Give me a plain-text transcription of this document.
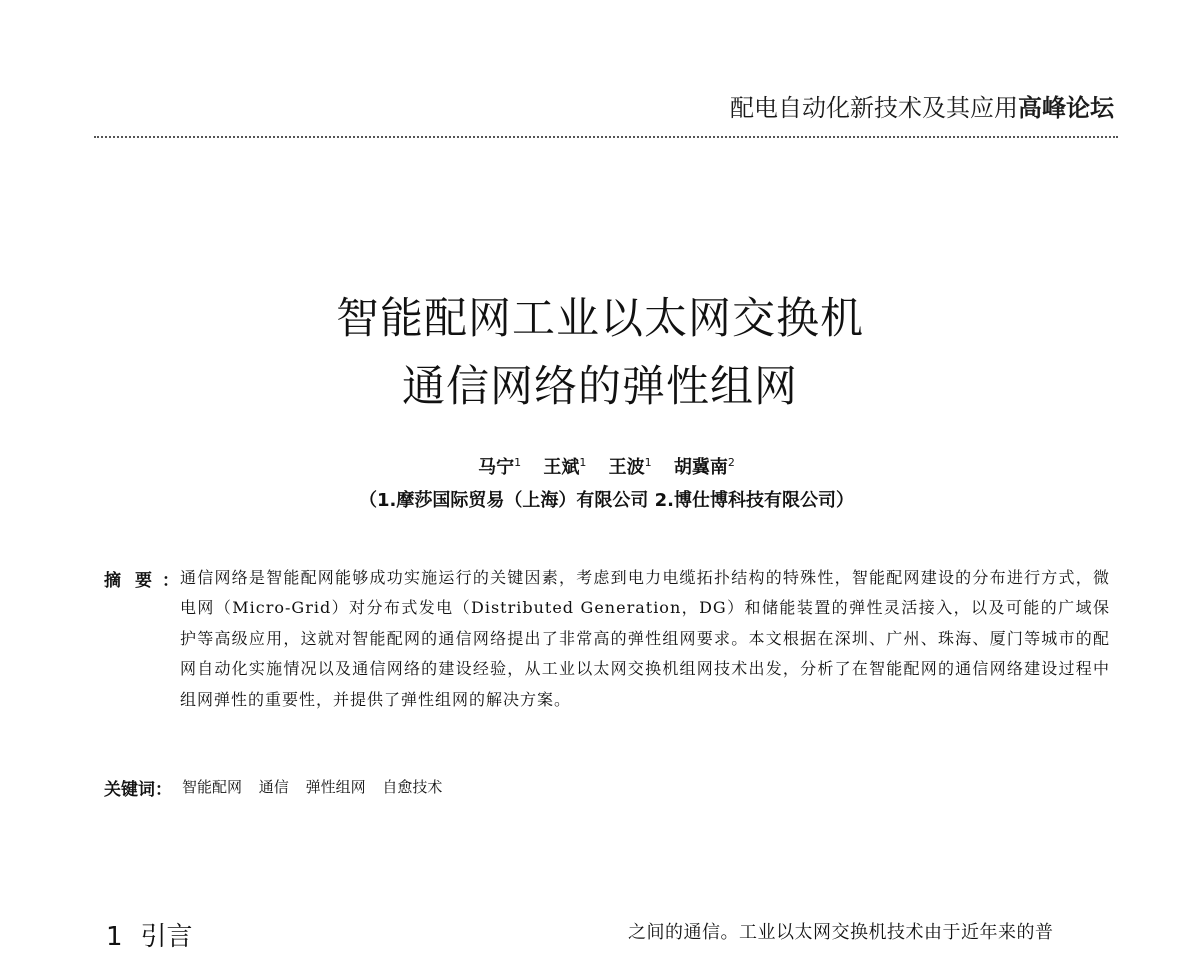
配电自动化新技术及其应用高峰论坛
智能配网工业以太网交换机
通信网络的弹性组网
马宁$^1$ 王斌$^1$ 王波$^1$ 胡冀南$^2$
（1.摩莎国际贸易（上海）有限公司 2.博仕博科技有限公司）
摘要
： 通信网络是智能配网能够成功实施运行的关键因素，考虑到电力电缆拓扑结构的特殊性，智能配网建设的分布进行方式，微电网（Micro-Grid）对分布式发电（Distributed Generation，DG）和储能装置的弹性灵活接入，以及可能的广域保护等高级应用，这就对智能配网的通信网络提出了非常高的弹性组网要求。本文根据在深圳、广州、珠海、厦门等城市的配网自动化实施情况以及通信网络的建设经验，从工业以太网交换机组网技术出发，分析了在智能配网的通信网络建设过程中组网弹性的重要性，并提供了弹性组网的解决方案。
关键词： 智能配网 通信 弹性组网 自愈技术
1 引言	之间的通信。工业以太网交换机技术由于近年来的普
